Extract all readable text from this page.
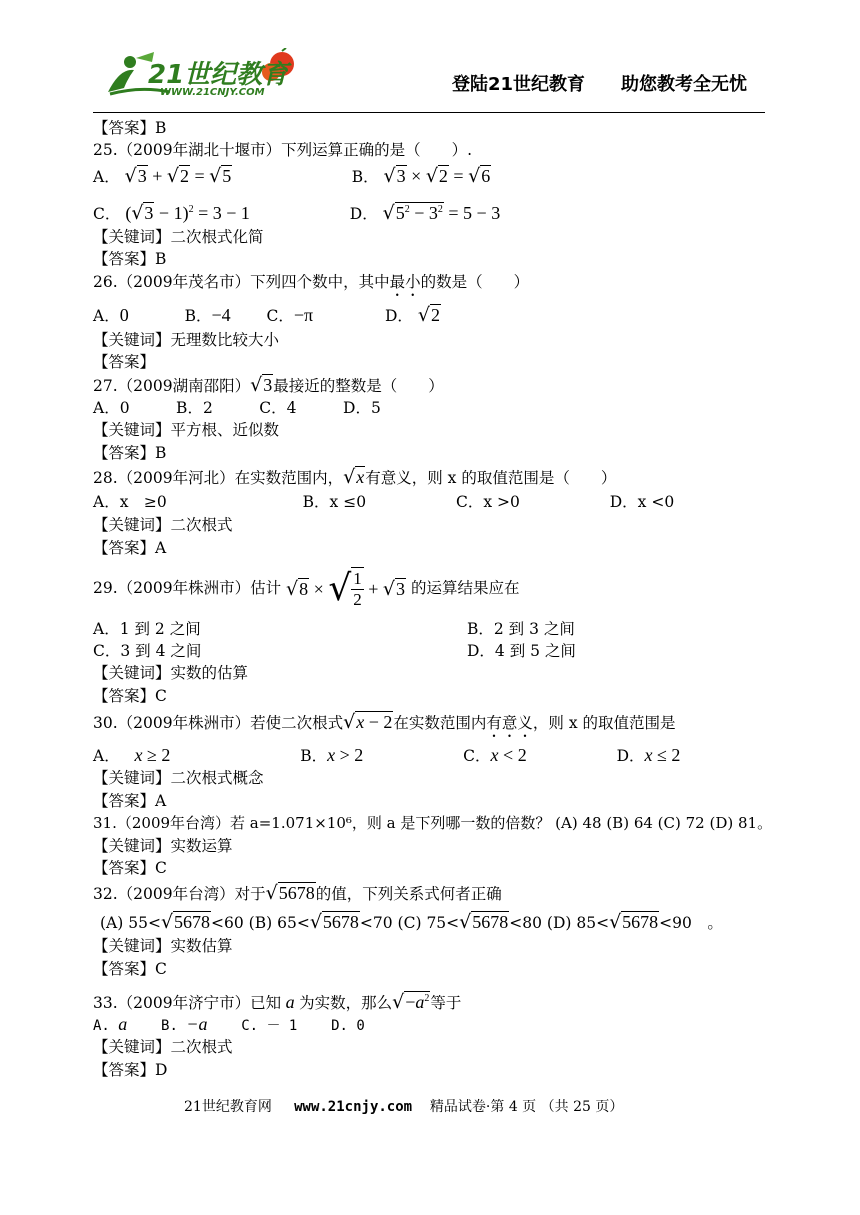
21世纪教育
WWW.21CNJY.COM	登陆21世纪教育　　助您教考全无忧
【答案】B
25.（2009年湖北十堰市）下列运算正确的是（　　）.
A． √3 + √2 = √5	B． √3 × √2 = √6
C． $(√3 - 1)^2 = 3 - 1$	D． $√5^2 - 3^2 = 5 - 3$
【关键词】二次根式化简
【答案】B
26.（2009年茂名市）下列四个数中，其中最小的数是（　　）
A．0	B．−4 C．−π	D． √2
【关键词】无理数比较大小
【答案】
27.（2009湖南邵阳）√3最接近的整数是（　　）
A．0　　　B．2　　　C．4　　　D．5
【关键词】平方根、近似数
【答案】B
28.（2009年河北）在实数范围内，√x有意义，则 x 的取值范围是（　　）
A．x　≥0	B．x ≤0	C．x >0	D．x <0
【关键词】二次根式
【答案】A
29.（2009年株洲市）估计 √8 × √ $\frac{1}{2} + √3$ 的运算结果应在
A．1 到 2 之间	B．2 到 3 之间
C．3 到 4 之间	D．4 到 5 之间
【关键词】实数的估算
【答案】C
30.（2009年株洲市）若使二次根式√x − 2在实数范围内有意义，则 x 的取值范围是
A． x ≥ 2	B．x > 2	C．x < 2	D．x ≤ 2
【关键词】二次根式概念
【答案】A
31.（2009年台湾）若 a=1.071×10⁶，则 a 是下列哪一数的倍数？ (A) 48 (B) 64 (C) 72 (D) 81。
【关键词】实数运算
【答案】C
32.（2009年台湾）对于√5678的值，下列关系式何者正确
(A) 55<√5678<60 (B) 65<√5678<70 (C) 75<√5678<80 (D) 85<√5678<90　。
【关键词】实数估算
【答案】C
33.（2009年济宁市）已知 a 为实数，那么$√-a^2$等于
A. a B. −a C. － 1 D. 0
【关键词】二次根式
【答案】D
21世纪教育网 www.21cnjy.com 精品试卷·第 4 页 （共 25 页）
